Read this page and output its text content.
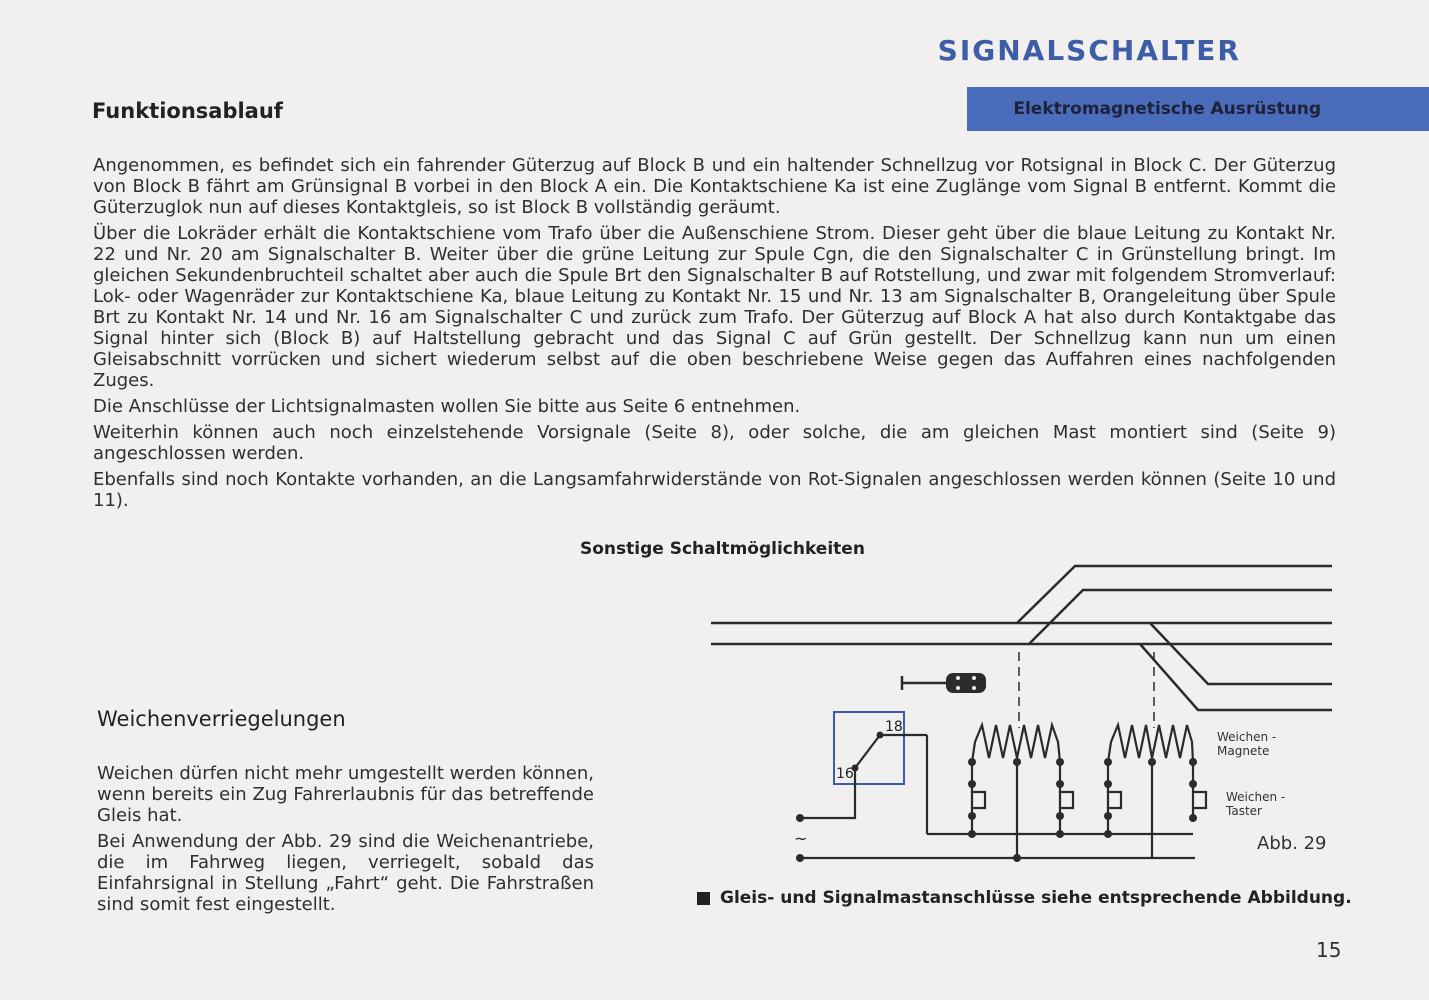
SIGNALSCHALTER
Elektromagnetische Ausrüstung
Funktionsablauf

Angenommen, es befindet sich ein fahrender Güterzug auf Block B und ein haltender Schnellzug vor Rotsignal in Block C. Der Güterzug von Block B fährt am Grünsignal B vorbei in den Block A ein. Die Kontaktschiene Ka ist eine Zuglänge vom Signal B entfernt. Kommt die Güterzuglok nun auf dieses Kontaktgleis, so ist Block B vollständig geräumt.

Über die Lokräder erhält die Kontaktschiene vom Trafo über die Außenschiene Strom. Dieser geht über die blaue Leitung zu Kontakt Nr. 22 und Nr. 20 am Signalschalter B. Weiter über die grüne Leitung zur Spule Cgn, die den Signalschalter C in Grünstellung bringt. Im gleichen Sekundenbruchteil schaltet aber auch die Spule Brt den Signalschalter B auf Rotstellung, und zwar mit folgendem Stromverlauf: Lok- oder Wagenräder zur Kontaktschiene Ka, blaue Leitung zu Kontakt Nr. 15 und Nr. 13 am Signalschalter B, Orangeleitung über Spule Brt zu Kontakt Nr. 14 und Nr. 16 am Signalschalter C und zurück zum Trafo. Der Güterzug auf Block A hat also durch Kontaktgabe das Signal hinter sich (Block B) auf Haltstellung gebracht und das Signal C auf Grün gestellt. Der Schnellzug kann nun um einen Gleisabschnitt vorrücken und sichert wiederum selbst auf die oben beschriebene Weise gegen das Auffahren eines nachfolgenden Zuges.

Die Anschlüsse der Lichtsignalmasten wollen Sie bitte aus Seite 6 entnehmen.

Weiterhin können auch noch einzelstehende Vorsignale (Seite 8), oder solche, die am gleichen Mast montiert sind (Seite 9) angeschlossen werden.

Ebenfalls sind noch Kontakte vorhanden, an die Langsamfahrwiderstände von Rot-Signalen angeschlossen werden können (Seite 10 und 11).

Sonstige Schaltmöglichkeiten
Weichenverriegelungen

Weichen dürfen nicht mehr umgestellt werden können, wenn bereits ein Zug Fahrerlaubnis für das betreffende Gleis hat.

Bei Anwendung der Abb. 29 sind die Weichenantriebe, die im Fahrweg liegen, verriegelt, sobald das Einfahrsignal in Stellung „Fahrt“ geht. Die Fahrstraßen sind somit fest eingestellt.

18
16
~
Weichen -
Magnete
Weichen -
Taster
Abb. 29
Gleis- und Signalmastanschlüsse siehe entsprechende Abbildung.
15
